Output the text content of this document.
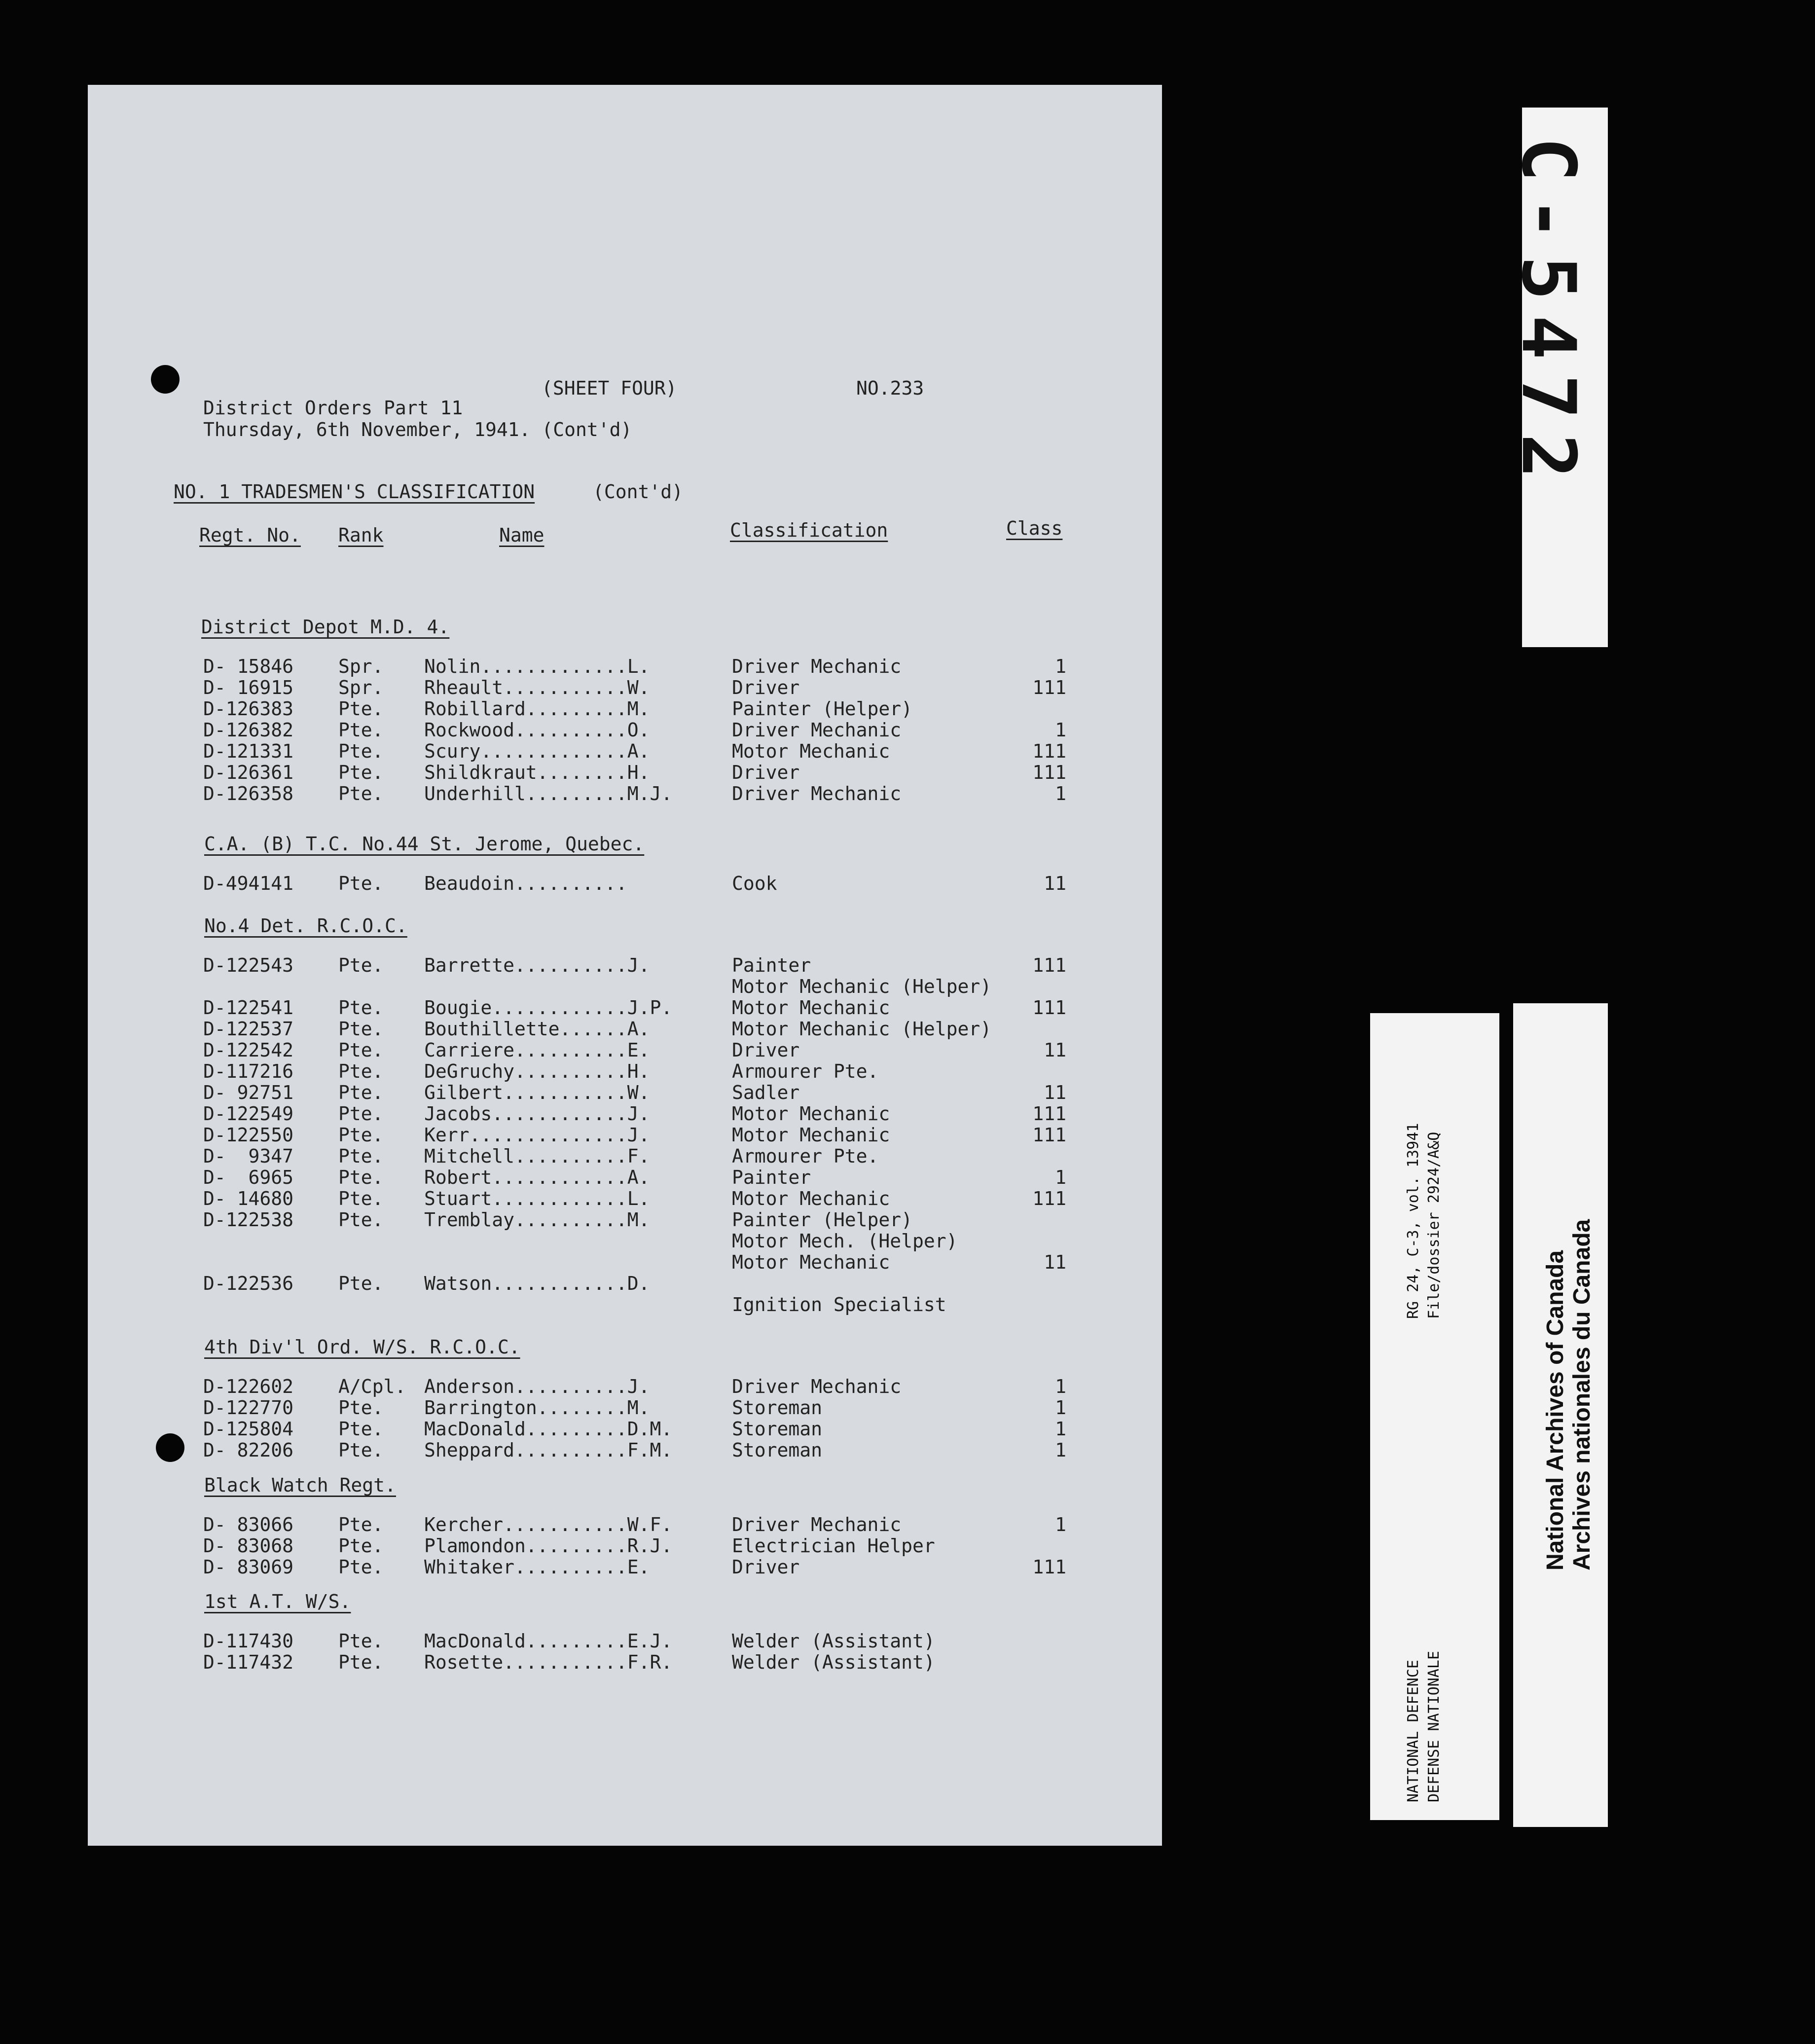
District Orders Part 11
(SHEET FOUR)	NO.233
Thursday, 6th November, 1941. (Cont'd)
NO. 1 TRADESMEN'S CLASSIFICATION	(Cont'd)
Regt. No. Rank	Name	Classification	Class
District Depot M.D. 4.
D- 15846 Spr. Nolin.............L.	Driver Mechanic	1
D- 16915 Spr. Rheault...........W.	Driver	111
D-126383 Pte. Robillard.........M.	Painter (Helper)
D-126382 Pte. Rockwood..........O.	Driver Mechanic	1
D-121331 Pte. Scury.............A.	Motor Mechanic	111
D-126361 Pte. Shildkraut........H.	Driver	111
D-126358 Pte. Underhill.........M.J.	Driver Mechanic	1
C.A. (B) T.C. No.44 St. Jerome, Quebec.
D-494141 Pte. Beaudoin..........	Cook	11
No.4 Det. R.C.O.C.
D-122543 Pte. Barrette..........J.	Painter	111
Motor Mechanic (Helper)
D-122541 Pte. Bougie............J.P.	Motor Mechanic	111
D-122537 Pte. Bouthillette......A.	Motor Mechanic (Helper)
D-122542 Pte. Carriere..........E.	Driver	11
D-117216 Pte. DeGruchy..........H.	Armourer Pte.
D- 92751 Pte. Gilbert...........W.	Sadler	11
D-122549 Pte. Jacobs............J.	Motor Mechanic	111
D-122550 Pte. Kerr..............J.	Motor Mechanic	111
D-  9347 Pte. Mitchell..........F.	Armourer Pte.
D-  6965 Pte. Robert............A.	Painter	1
D- 14680 Pte. Stuart............L.	Motor Mechanic	111
D-122538 Pte. Tremblay..........M.	Painter (Helper)
Motor Mech. (Helper)
Motor Mechanic	11
D-122536 Pte. Watson............D.
Ignition Specialist
4th Div'l Ord. W/S. R.C.O.C.
D-122602 A/Cpl. Anderson..........J.	Driver Mechanic	1
D-122770 Pte. Barrington........M.	Storeman	1
D-125804 Pte. MacDonald.........D.M.	Storeman	1
D- 82206 Pte. Sheppard..........F.M.	Storeman	1
Black Watch Regt.
D- 83066 Pte. Kercher...........W.F.	Driver Mechanic	1
D- 83068 Pte. Plamondon.........R.J.	Electrician Helper
D- 83069 Pte. Whitaker..........E.	Driver	111
1st A.T. W/S.
D-117430 Pte. MacDonald.........E.J.	Welder (Assistant)
D-117432 Pte. Rosette...........F.R.	Welder (Assistant)
C-5472
RG 24, C-3, vol. 13941 File/dossier 2924/A&Q
NATIONAL DEFENCE DEFENSE NATIONALE
National Archives of Canada Archives nationales du Canada
